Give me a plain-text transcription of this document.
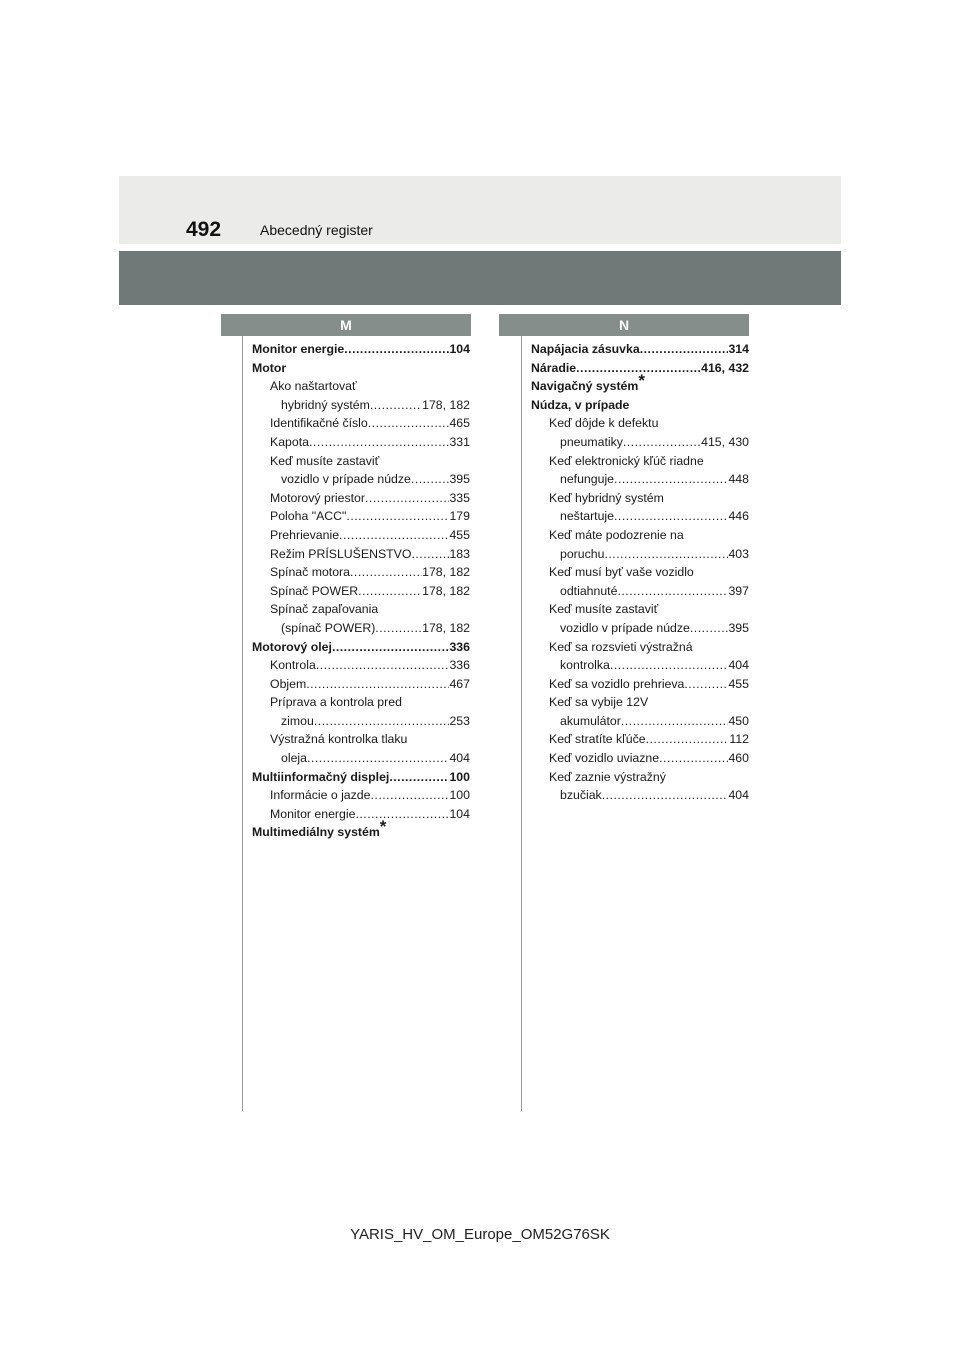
492	Abecedný register
M	N
Monitor energie .....	104
Motor
Ako naštartovať
hybridný systém .....	178, 182
Identifikačné číslo .....	465
Kapota .....	331
Keď musíte zastaviť
vozidlo v prípade núdze .....	395
Motorový priestor .....	335
Poloha "ACC" .....	179
Prehrievanie .....	455
Režim PRÍSLUŠENSTVO .....	183
Spínač motora .....	178, 182
Spínač POWER .....	178, 182
Spínač zapaľovania
(spínač POWER) .....	178, 182
Motorový olej .....	336
Kontrola .....	336
Objem .....	467
Príprava a kontrola pred
zimou .....	253
Výstražná kontrolka tlaku
oleja .....	404
Multiinformačný displej .....	100
Informácie o jazde .....	100
Monitor energie .....	104
Multimediálny systém*
Napájacia zásuvka .....	314
Náradie .....	416, 432
Navigačný systém*
Núdza, v prípade
Keď dôjde k defektu
pneumatiky .....	415, 430
Keď elektronický kľúč riadne
nefunguje .....	448
Keď hybridný systém
neštartuje .....	446
Keď máte podozrenie na
poruchu .....	403
Keď musí byť vaše vozidlo
odtiahnuté .....	397
Keď musíte zastaviť
vozidlo v prípade núdze .....	395
Keď sa rozsvieti výstražná
kontrolka .....	404
Keď sa vozidlo prehrieva .....	455
Keď sa vybije 12V
akumulátor .....	450
Keď stratíte kľúče .....	112
Keď vozidlo uviazne .....	460
Keď zaznie výstražný
bzučiak .....	404
YARIS_HV_OM_Europe_OM52G76SK
